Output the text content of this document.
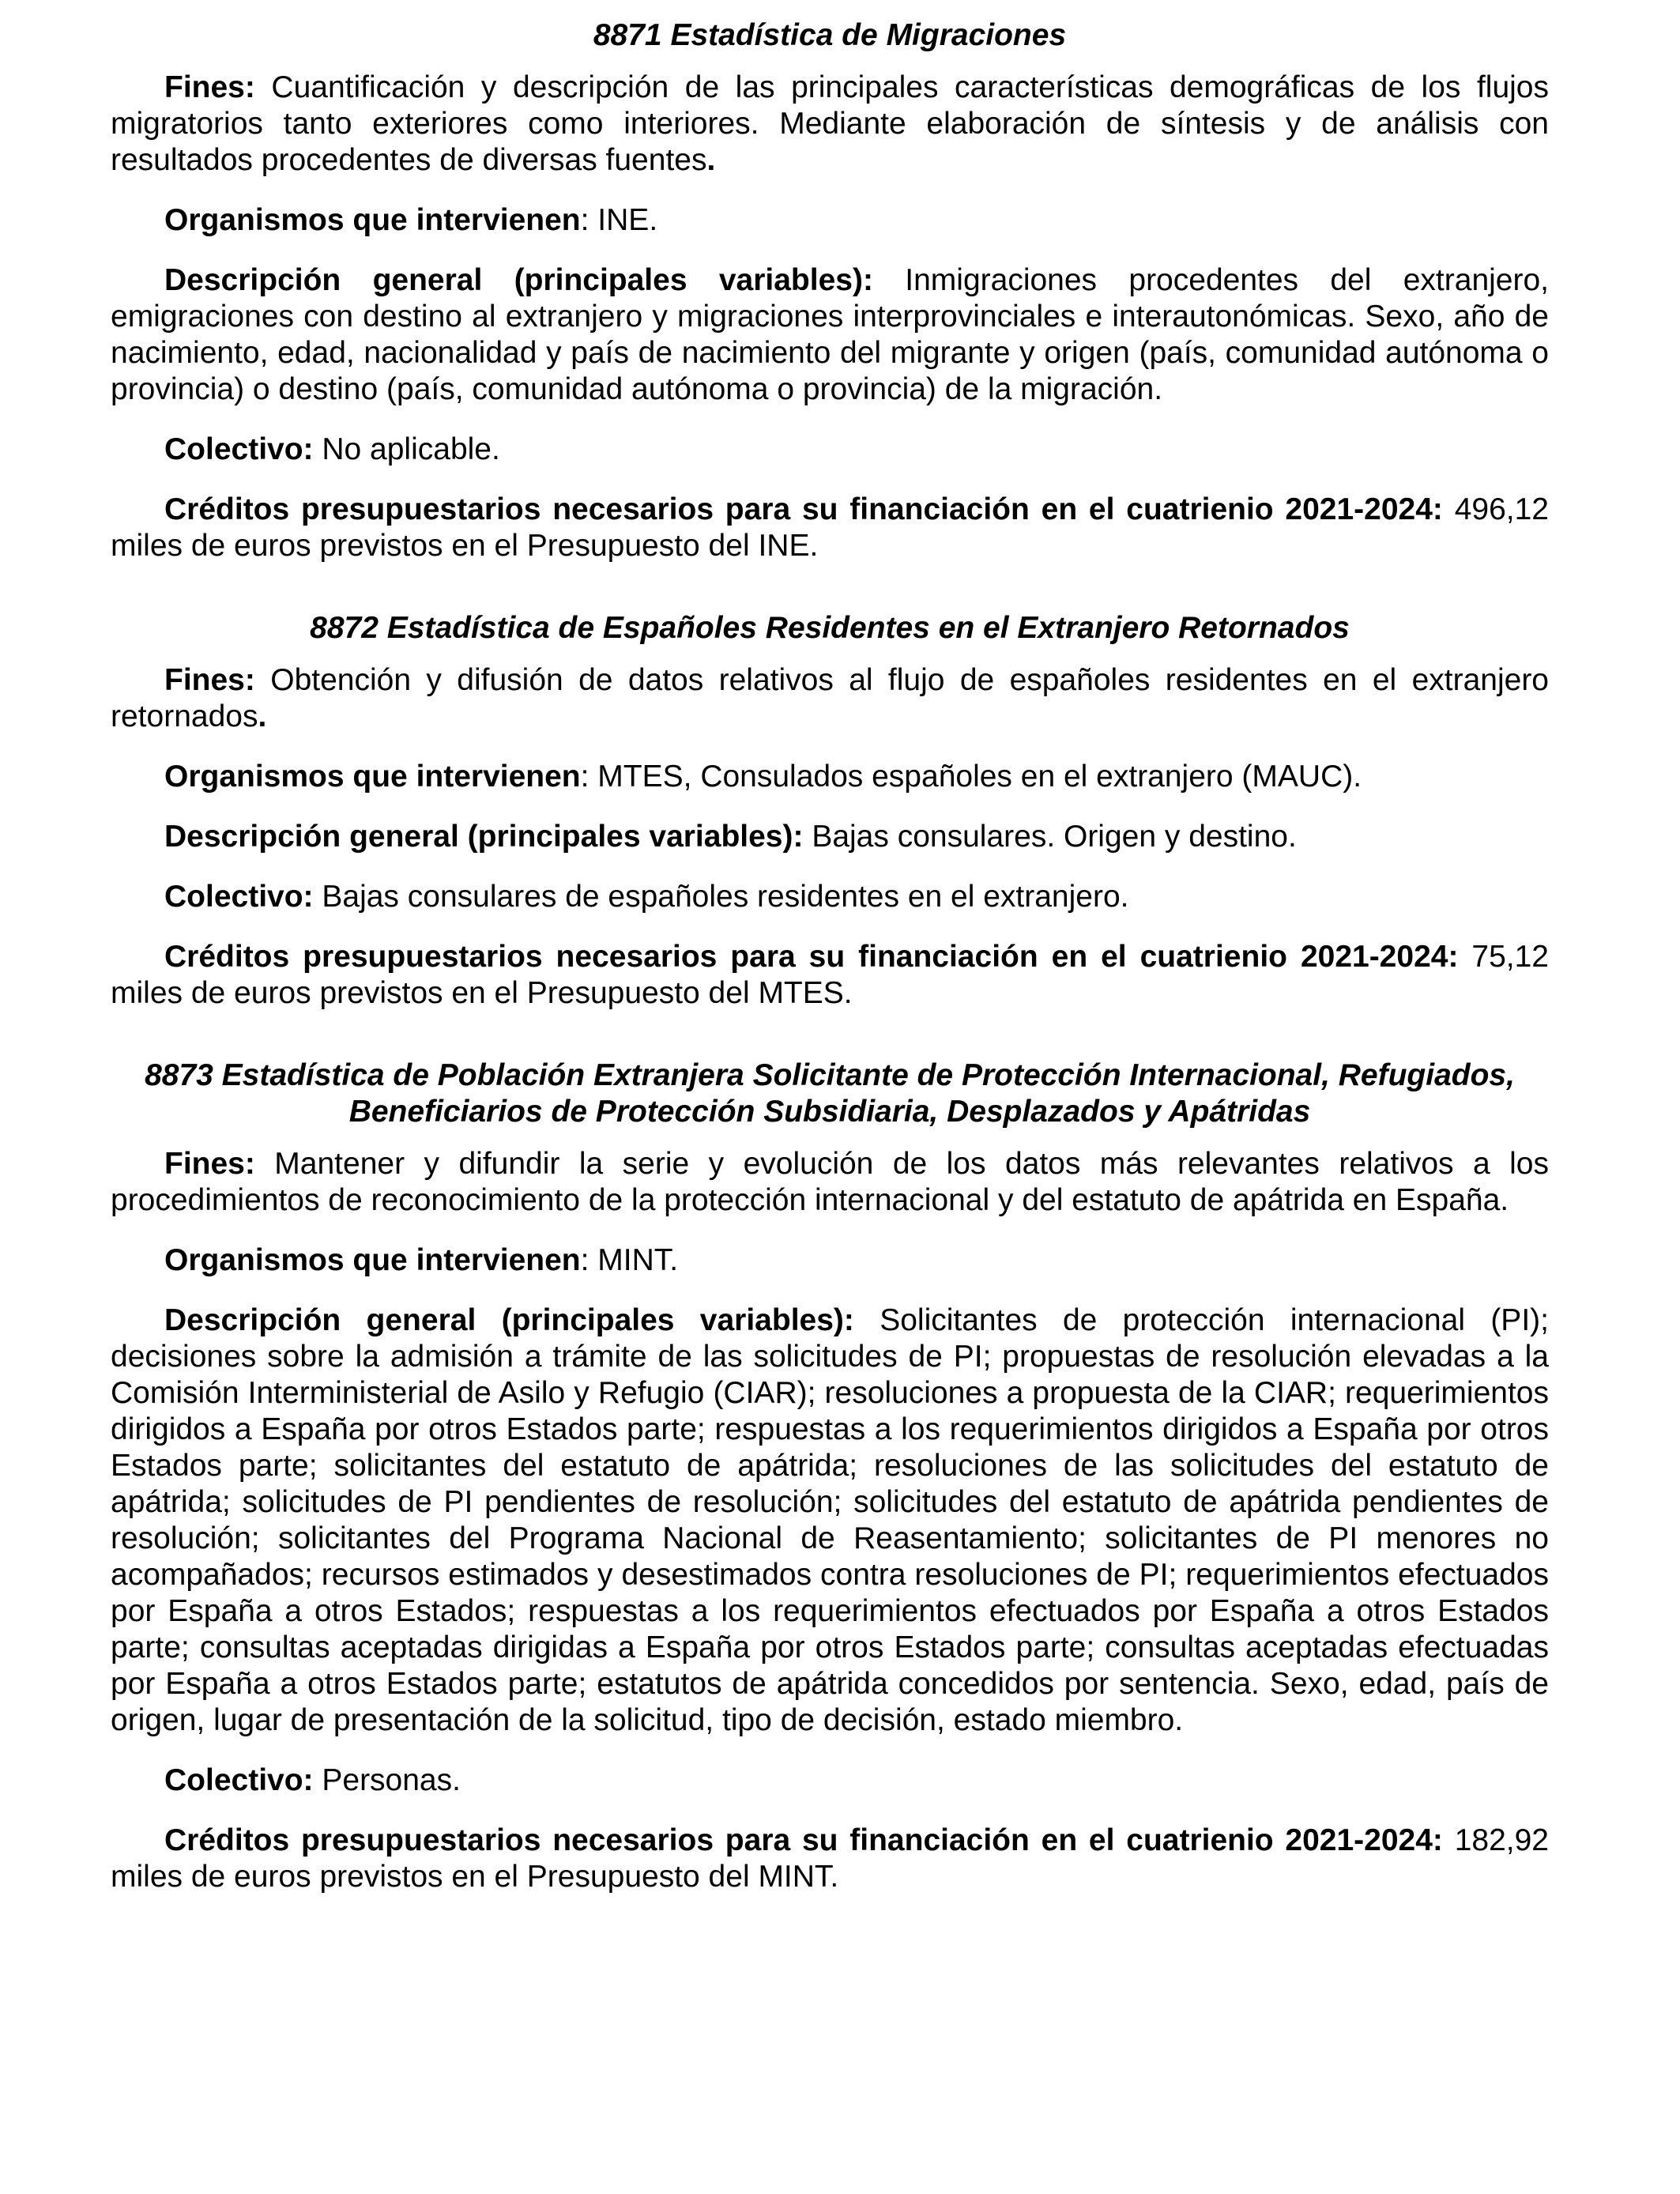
8871 Estadística de Migraciones

Fines: Cuantificación y descripción de las principales características demográficas de los flujos migratorios tanto exteriores como interiores. Mediante elaboración de síntesis y de análisis con resultados procedentes de diversas fuentes.

Organismos que intervienen: INE.

Descripción general (principales variables): Inmigraciones procedentes del extranjero, emigraciones con destino al extranjero y migraciones interprovinciales e interautonómicas. Sexo, año de nacimiento, edad, nacionalidad y país de nacimiento del migrante y origen (país, comunidad autónoma o provincia) o destino (país, comunidad autónoma o provincia) de la migración.

Colectivo: No aplicable.

Créditos presupuestarios necesarios para su financiación en el cuatrienio 2021-2024: 496,12 miles de euros previstos en el Presupuesto del INE.

8872 Estadística de Españoles Residentes en el Extranjero Retornados

Fines: Obtención y difusión de datos relativos al flujo de españoles residentes en el extranjero retornados.

Organismos que intervienen: MTES, Consulados españoles en el extranjero (MAUC).

Descripción general (principales variables): Bajas consulares. Origen y destino.

Colectivo: Bajas consulares de españoles residentes en el extranjero.

Créditos presupuestarios necesarios para su financiación en el cuatrienio 2021-2024: 75,12 miles de euros previstos en el Presupuesto del MTES.

8873 Estadística de Población Extranjera Solicitante de Protección Internacional, Refugiados,

Beneficiarios de Protección Subsidiaria, Desplazados y Apátridas

Fines: Mantener y difundir la serie y evolución de los datos más relevantes relativos a los procedimientos de reconocimiento de la protección internacional y del estatuto de apátrida en España.

Organismos que intervienen: MINT.

Descripción general (principales variables): Solicitantes de protección internacional (PI); decisiones sobre la admisión a trámite de las solicitudes de PI; propuestas de resolución elevadas a la Comisión Interministerial de Asilo y Refugio (CIAR); resoluciones a propuesta de la CIAR; requerimientos dirigidos a España por otros Estados parte; respuestas a los requerimientos dirigidos a España por otros Estados parte; solicitantes del estatuto de apátrida; resoluciones de las solicitudes del estatuto de apátrida; solicitudes de PI pendientes de resolución; solicitudes del estatuto de apátrida pendientes de resolución; solicitantes del Programa Nacional de Reasentamiento; solicitantes de PI menores no acompañados; recursos estimados y desestimados contra resoluciones de PI; requerimientos efectuados por España a otros Estados; respuestas a los requerimientos efectuados por España a otros Estados parte; consultas aceptadas dirigidas a España por otros Estados parte; consultas aceptadas efectuadas por España a otros Estados parte; estatutos de apátrida concedidos por sentencia. Sexo, edad, país de origen, lugar de presentación de la solicitud, tipo de decisión, estado miembro.

Colectivo: Personas.

Créditos presupuestarios necesarios para su financiación en el cuatrienio 2021-2024: 182,92 miles de euros previstos en el Presupuesto del MINT.
